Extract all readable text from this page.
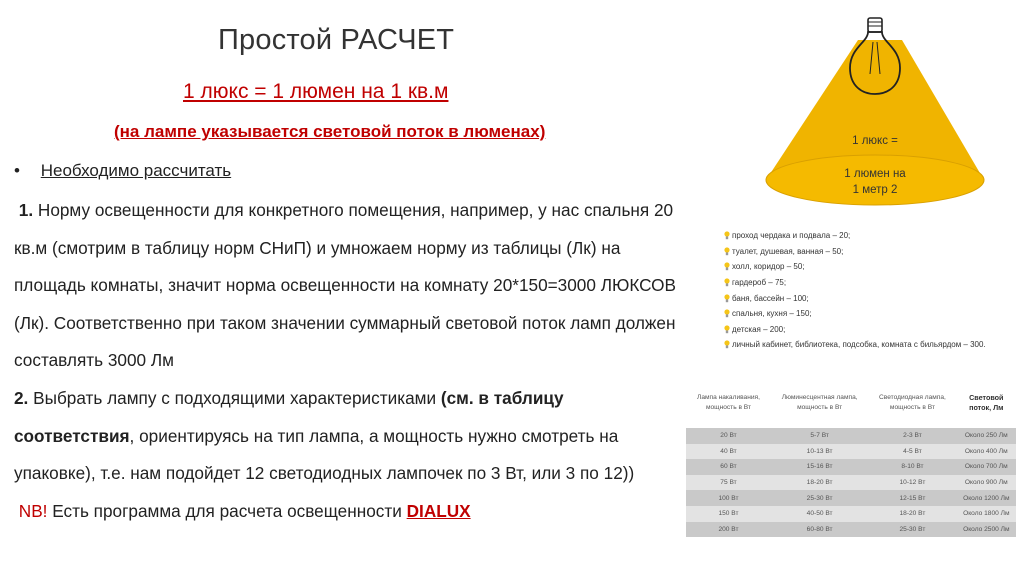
Простой РАСЧЕТ
1 люкс = 1 люмен на 1 кв.м
(на лампе указывается световой поток в люменах)
• Необходимо рассчитать

1. Норму освещенности для конкретного помещения, например, у нас спальня 20 кв.м (смотрим в таблицу норм СНиП) и умножаем норму из таблицы (Лк) на площадь комнаты, значит норма освещенности на комнату 20*150=3000 ЛЮКСОВ (Лк). Соответственно при таком значении суммарный световой поток ламп должен составлять 3000 Лм

2. Выбрать лампу с подходящими характеристиками (см. в таблицу соответствия, ориентируясь на тип лампа, а мощность нужно смотреть на упаковке), т.е. нам подойдет 12 светодиодных лампочек по 3 Вт, или 3 по 12))

NB! Есть программа для расчета освещенности DIALUX

1 люкс =
1 люмен на
1 метр 2
проход чердака и подвала – 20;
туалет, душевая, ванная – 50;
холл, коридор – 50;
гардероб – 75;
баня, бассейн – 100;
спальня, кухня – 150;
детская – 200;
личный кабинет, библиотека, подсобка, комната с бильярдом – 300.
Лампа накаливания, мощность в Вт	Люминесцентная лампа, мощность в Вт	Светодиодная лампа, мощность в Вт	Световой поток, Лм
20 Вт	5-7 Вт	2-3 Вт	Около 250 Лм
40 Вт	10-13 Вт	4-5 Вт	Около 400 Лм
60 Вт	15-16 Вт	8-10 Вт	Около 700 Лм
75 Вт	18-20 Вт	10-12 Вт	Около 900 Лм
100 Вт	25-30 Вт	12-15 Вт	Около 1200 Лм
150 Вт	40-50 Вт	18-20 Вт	Около 1800 Лм
200 Вт	60-80 Вт	25-30 Вт	Около 2500 Лм
